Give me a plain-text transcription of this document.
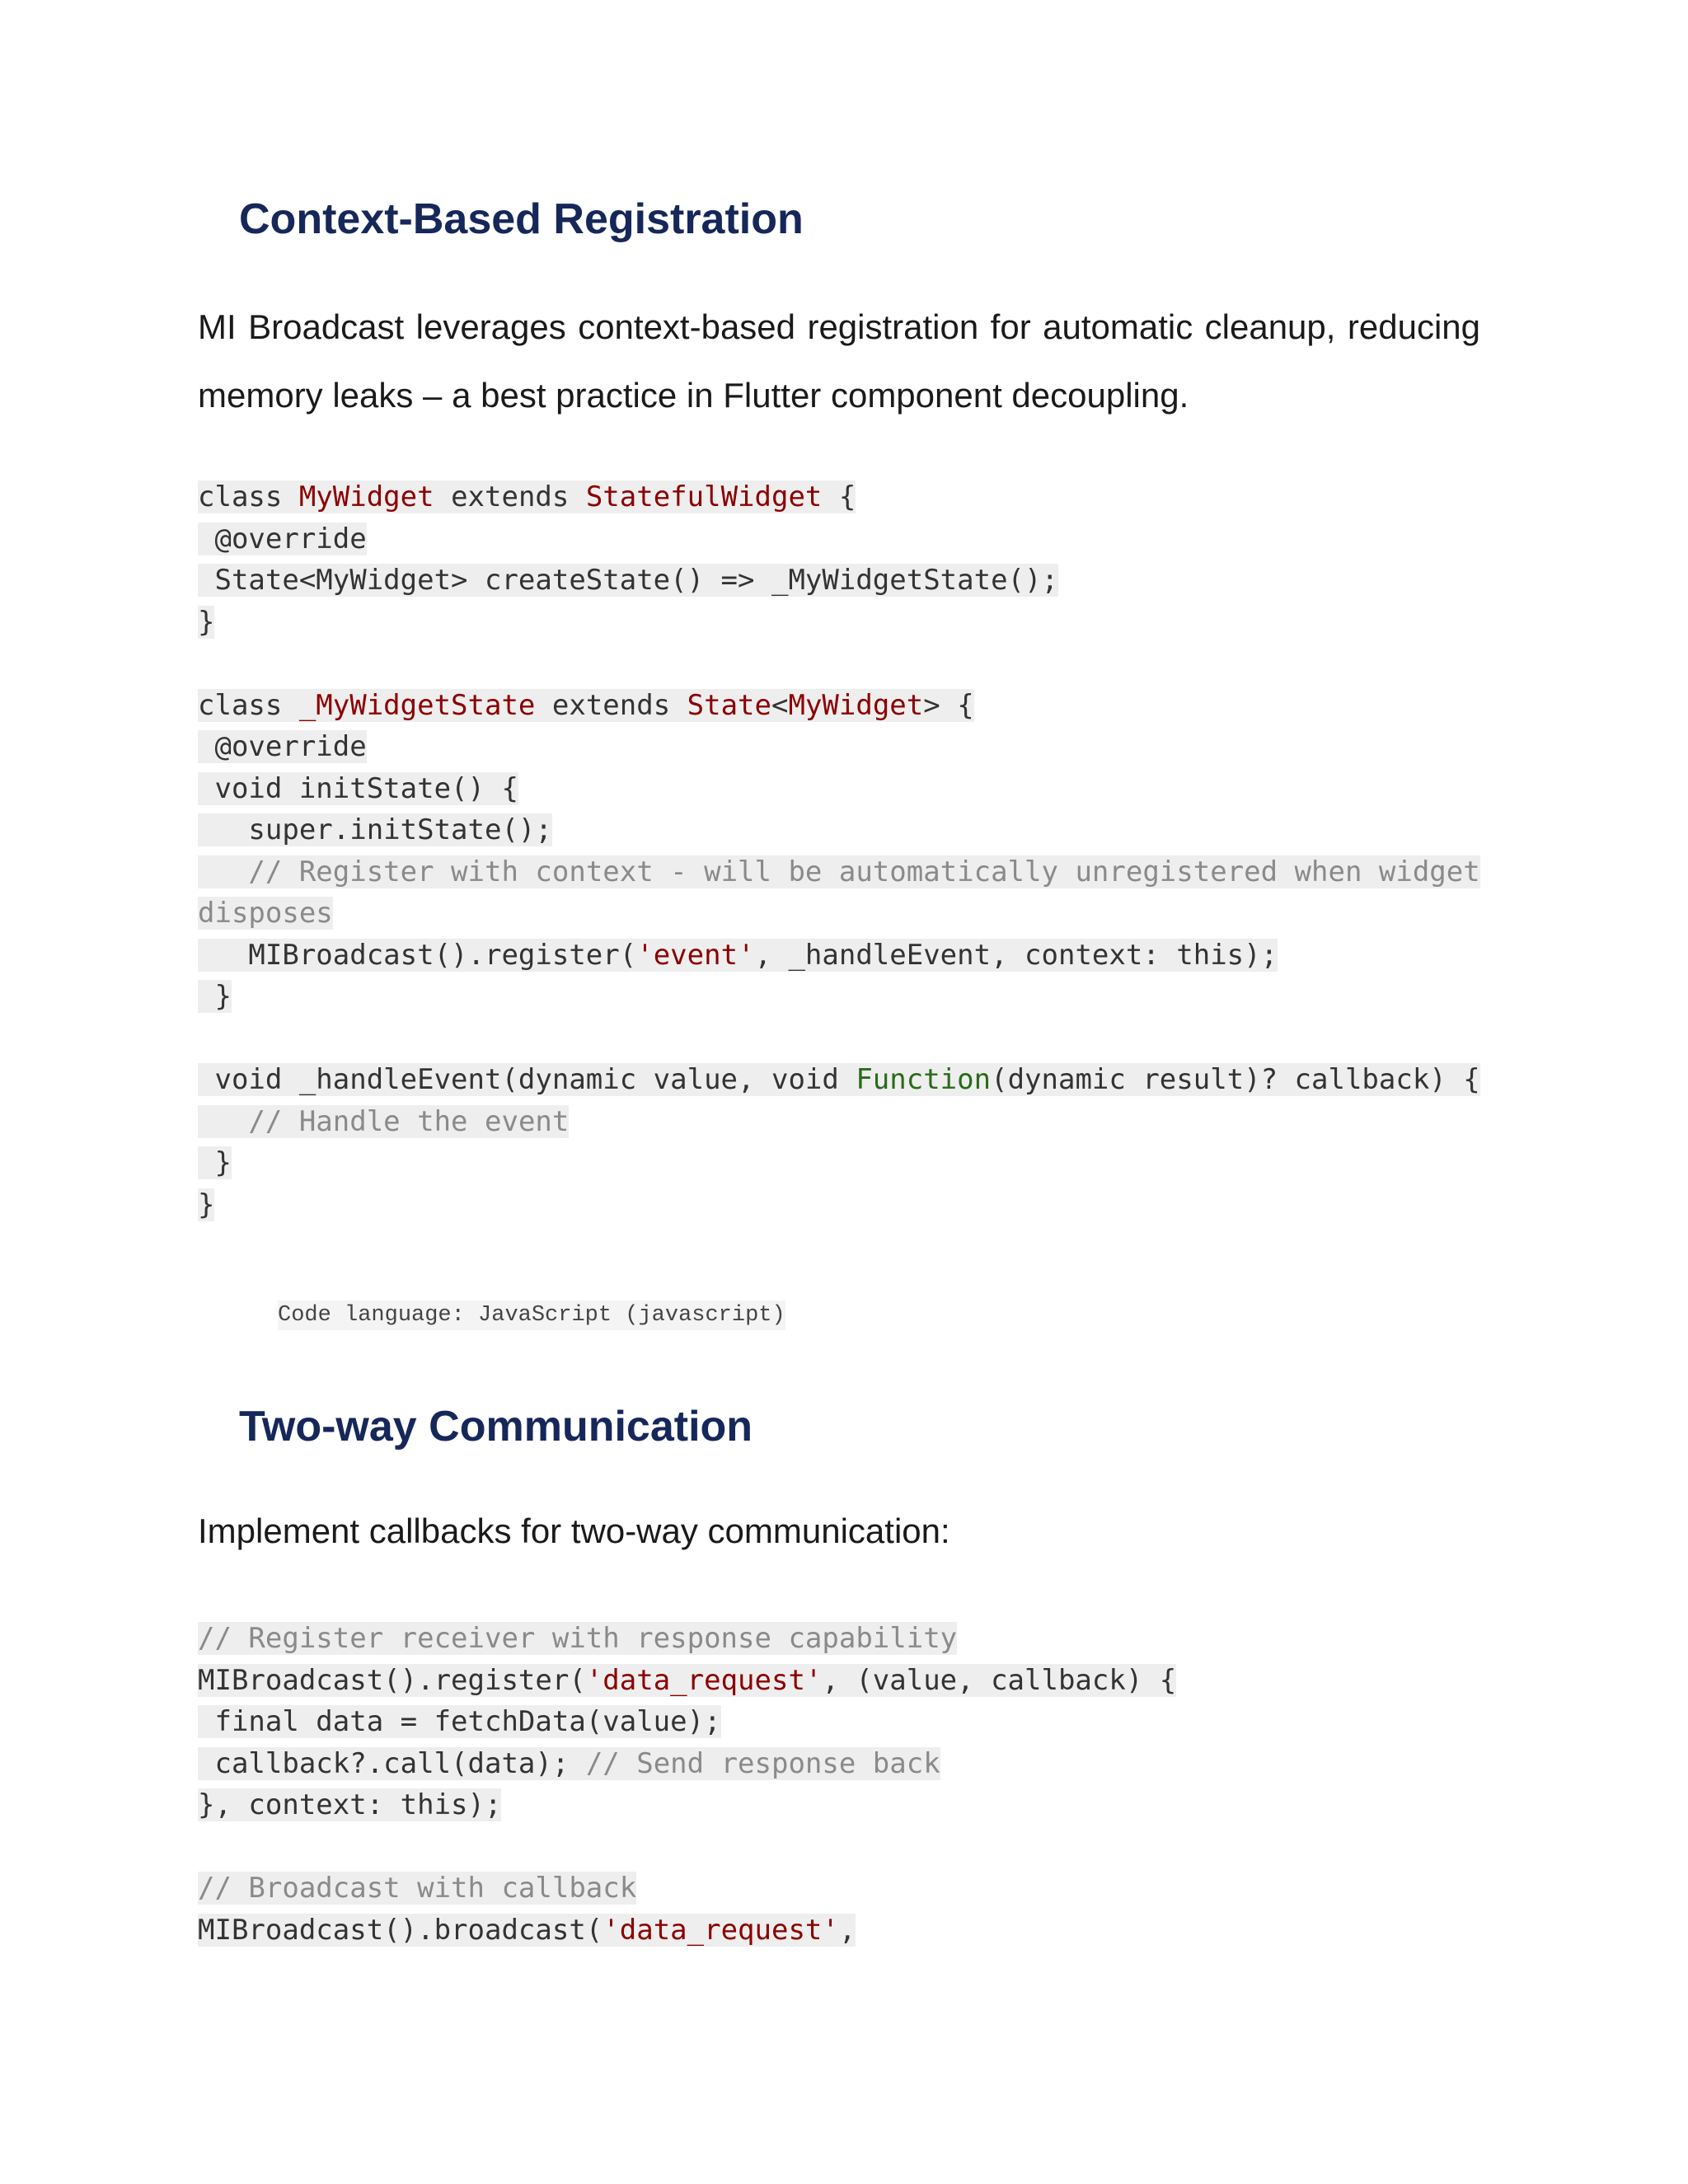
Context-Based Registration

MI Broadcast leverages context-based registration for automatic cleanup, reducing memory leaks – a best practice in Flutter component decoupling.

class MyWidget extends StatefulWidget {
@override
State<MyWidget> createState() => _MyWidgetState();
}
class _MyWidgetState extends State<MyWidget> {
@override
void initState() {
super.initState();
// Register with context - will be automatically unregistered when widget
disposes
MIBroadcast().register('event', _handleEvent, context: this);
}
void _handleEvent(dynamic value, void Function(dynamic result)? callback) {
// Handle the event
}
}
Code language: JavaScript (javascript)
Two-way Communication

Implement callbacks for two-way communication:

// Register receiver with response capability
MIBroadcast().register('data_request', (value, callback) {
final data = fetchData(value);
callback?.call(data); // Send response back
}, context: this);
// Broadcast with callback
MIBroadcast().broadcast('data_request',
